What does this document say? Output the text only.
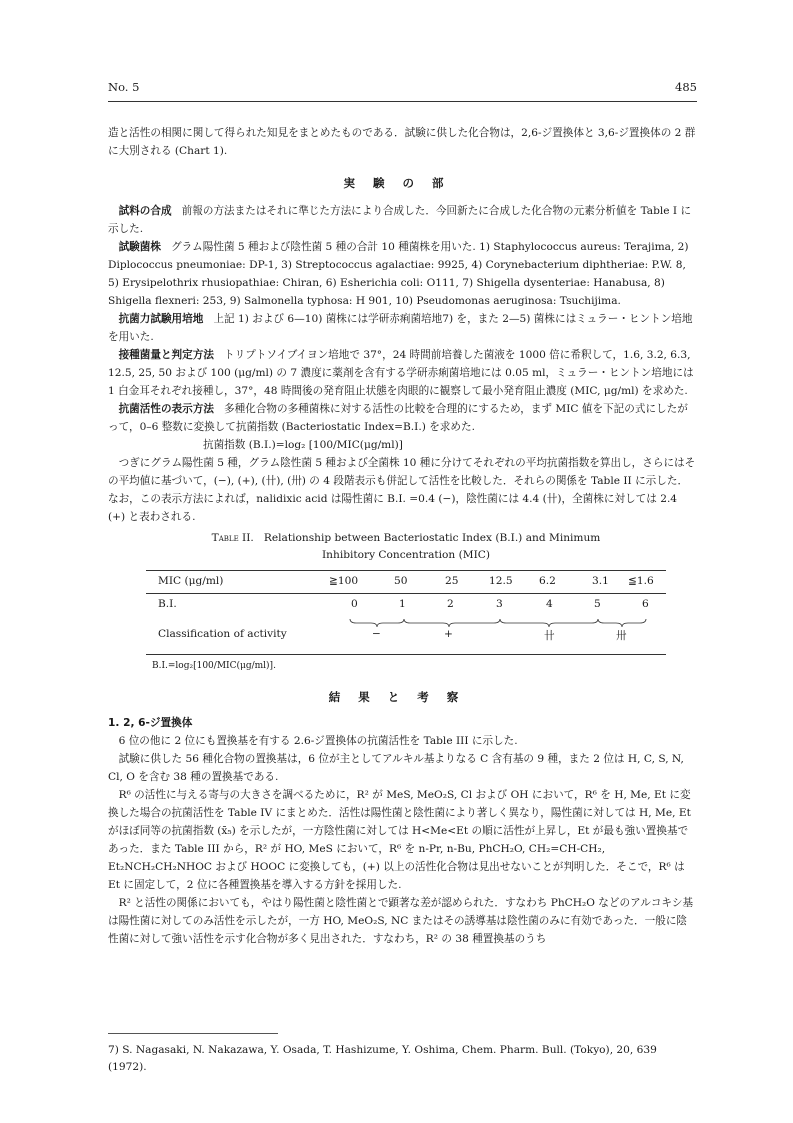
No. 5	485

造と活性の相関に関して得られた知見をまとめたものである．試験に供した化合物は，2,6-ジ置換体と 3,6-ジ置換体の 2 群に大別される (Chart 1).

実験の部

試料の合成 前報の方法またはそれに準じた方法により合成した．今回新たに合成した化合物の元素分析値を Table I に示した.

試験菌株 グラム陽性菌 5 種および陰性菌 5 種の合計 10 種菌株を用いた. 1) Staphylococcus aureus: Terajima, 2) Diplococcus pneumoniae: DP-1, 3) Streptococcus agalactiae: 9925, 4) Corynebacterium diphtheriae: P.W. 8, 5) Erysipelothrix rhusiopathiae: Chiran, 6) Esherichia coli: O111, 7) Shigella dysenteriae: Hanabusa, 8) Shigella flexneri: 253, 9) Salmonella typhosa: H 901, 10) Pseudomonas aeruginosa: Tsuchijima.

抗菌力試験用培地 上記 1) および 6—10) 菌株には学研赤痢菌培地7) を，また 2—5) 菌株にはミュラー・ヒントン培地を用いた.

接種菌量と判定方法 トリプトソイブイヨン培地で 37°，24 時間前培養した菌液を 1000 倍に希釈して，1.6, 3.2, 6.3, 12.5, 25, 50 および 100 (μg/ml) の 7 濃度に薬剤を含有する学研赤痢菌培地には 0.05 ml，ミュラー・ヒントン培地には 1 白金耳それぞれ接種し，37°，48 時間後の発育阻止状態を肉眼的に観察して最小発育阻止濃度 (MIC, μg/ml) を求めた.

抗菌活性の表示方法 多種化合物の多種菌株に対する活性の比較を合理的にするため，まず MIC 値を下記の式にしたがって，0–6 整数に変換して抗菌指数 (Bacteriostatic Index=B.I.) を求めた.

抗菌指数 (B.I.)=log₂ [100/MIC(μg/ml)]

つぎにグラム陽性菌 5 種，グラム陰性菌 5 種および全菌株 10 種に分けてそれぞれの平均抗菌指数を算出し，さらにはその平均値に基づいて，(−), (+), (卄), (卅) の 4 段階表示も併記して活性を比較した．それらの関係を Table II に示した．なお，この表示方法によれば，nalidixic acid は陽性菌に B.I. =0.4 (−)，陰性菌には 4.4 (卄)，全菌株に対しては 2.4 (+) と表わされる.

Table II. Relationship between Bacteriostatic Index (B.I.) and Minimum
Inhibitory Concentration (MIC)
MIC (μg/ml)	≧100	50	25	12.5 6.2	3.1 ≦1.6
B.I.	0	1	2	3	4	5	6
Classification of activity	−	+	卄	卅
B.I.=log₂[100/MIC(μg/ml)].
結果と考察

1. 2, 6-ジ置換体

6 位の他に 2 位にも置換基を有する 2.6-ジ置換体の抗菌活性を Table III に示した.

試験に供した 56 種化合物の置換基は，6 位が主としてアルキル基よりなる C 含有基の 9 種，また 2 位は H, C, S, N, Cl, O を含む 38 種の置換基である.

R⁶ の活性に与える寄与の大きさを調べるために，R² が MeS, MeO₂S, Cl および OH において，R⁶ を H, Me, Et に変換した場合の抗菌活性を Table IV にまとめた．活性は陽性菌と陰性菌により著しく異なり，陽性菌に対しては H, Me, Et がほぼ同等の抗菌指数 (x̄₅) を示したが，一方陰性菌に対しては H<Me<Et の順に活性が上昇し，Et が最も強い置換基であった．また Table III から，R² が HO, MeS において，R⁶ を n-Pr, n-Bu, PhCH₂O, CH₂=CH-CH₂, Et₂NCH₂CH₂NHOC および HOOC に変換しても，(+) 以上の活性化合物は見出せないことが判明した．そこで，R⁶ は Et に固定して，2 位に各種置換基を導入する方針を採用した.

R² と活性の関係においても，やはり陽性菌と陰性菌とで顕著な差が認められた．すなわち PhCH₂O などのアルコキシ基は陽性菌に対してのみ活性を示したが，一方 HO, MeO₂S, NC またはその誘導基は陰性菌のみに有効であった．一般に陰性菌に対して強い活性を示す化合物が多く見出された．すなわち，R² の 38 種置換基のうち

7) S. Nagasaki, N. Nakazawa, Y. Osada, T. Hashizume, Y. Oshima, Chem. Pharm. Bull. (Tokyo), 20, 639 (1972).
